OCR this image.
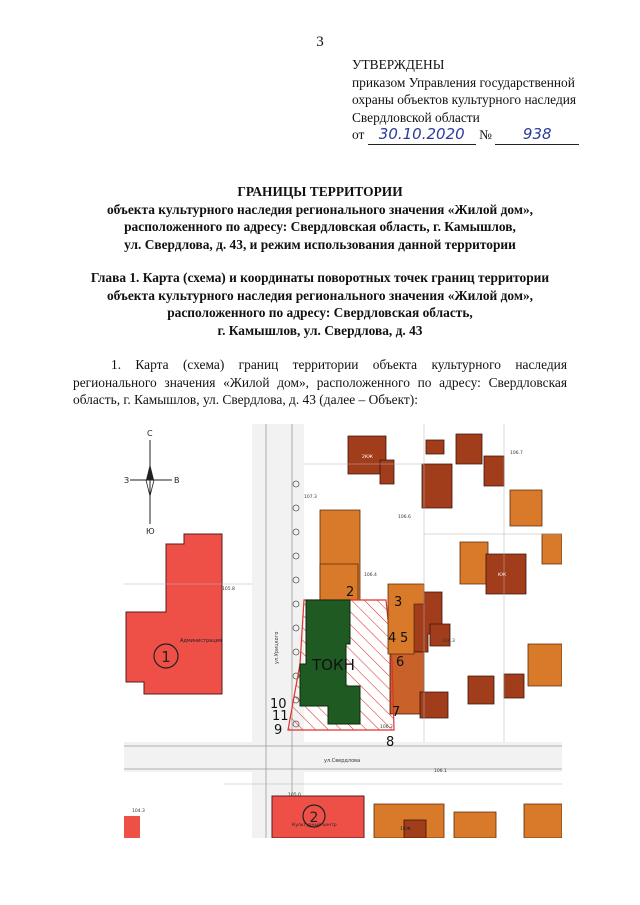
3
УТВЕРЖДЕНЫ
приказом Управления государственной
охраны объектов культурного наследия
Свердловской области
от 30.10.2020 № 938
ГРАНИЦЫ ТЕРРИТОРИИ
объекта культурного наследия регионального значения «Жилой дом»,
расположенного по адресу: Свердловская область, г. Камышлов,
ул. Свердлова, д. 43, и режим использования данной территории
Глава 1. Карта (схема) и координаты поворотных точек границ территории
объекта культурного наследия регионального значения «Жилой дом»,
расположенного по адресу: Свердловская область,
г. Камышлов, ул. Свердлова, д. 43
1. Карта (схема) границ территории объекта культурного наследия регионального значения «Жилой дом», расположенного по адресу: Свердловская область, г. Камышлов, ул. Свердлова, д. 43 (далее – Объект):
1
Администрация
2
2КЖ
КЖ
1КЖ
Культурный центр
ТОКН
2
3
4 5
6
7
8
9
10
11
С
Ю
З	В
ул.Свердлова
ул.Урицкого
106.7
106.6
106.4
106.3
106.2
106.1
107.3
105.8
105.0
104.3
